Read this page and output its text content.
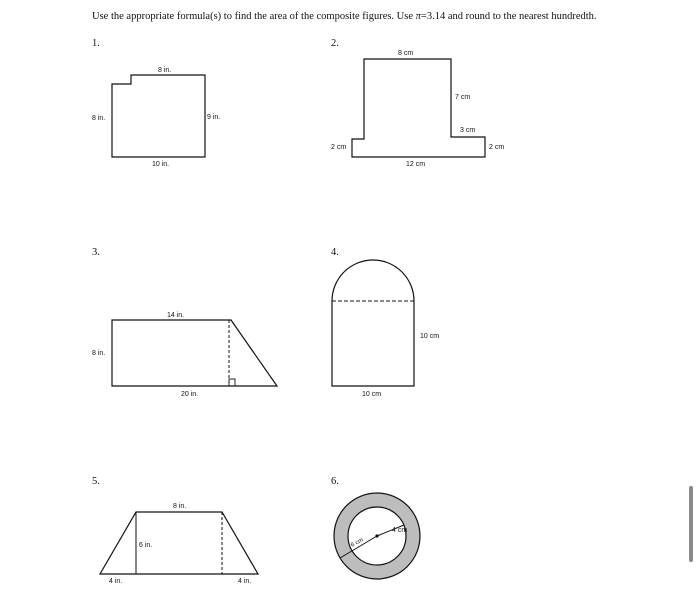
Use the appropriate formula(s) to find the area of the composite figures. Use π=3.14 and round to the nearest hundredth.
1.	2.
3.	4.
5.	6.
8 in.
8 in.	9 in.
10 in.
8 cm
7 cm
3 cm
2 cm
2 cm
12 cm
14 in.
8 in.
20 in.
10 cm
10 cm
8 in.
6 in.
4 in.	4 in.
6 cm
4 cm
